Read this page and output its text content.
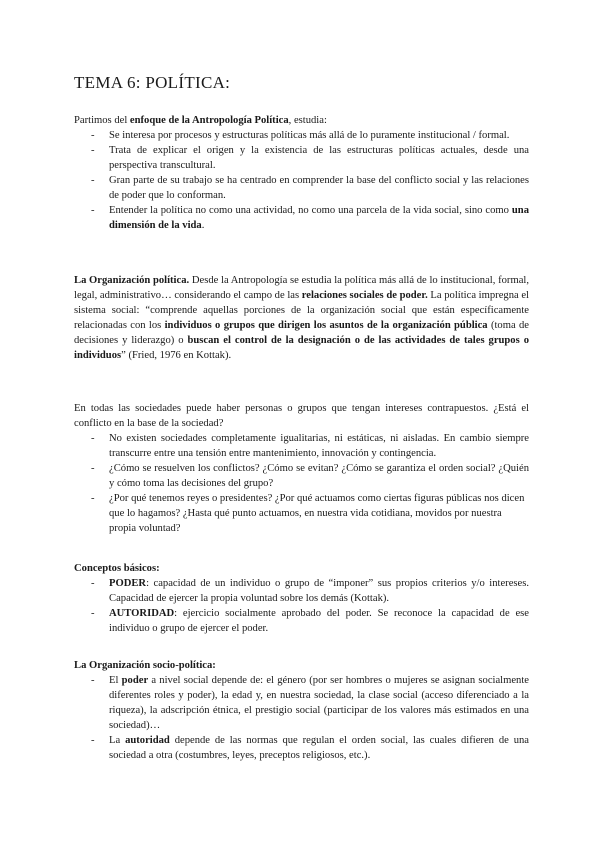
TEMA 6: POLÍTICA:

Partimos del enfoque de la Antropología Política, estudia:

- Se interesa por procesos y estructuras políticas más allá de lo puramente institucional / formal.
- Trata de explicar el origen y la existencia de las estructuras políticas actuales, desde una perspectiva transcultural.
- Gran parte de su trabajo se ha centrado en comprender la base del conflicto social y las relaciones de poder que lo conforman.
- Entender la política no como una actividad, no como una parcela de la vida social, sino como una dimensión de la vida.

La Organización política. Desde la Antropología se estudia la política más allá de lo institucional, formal, legal, administrativo… considerando el campo de las relaciones sociales de poder. La política impregna el sistema social: “comprende aquellas porciones de la organización social que están específicamente relacionadas con los individuos o grupos que dirigen los asuntos de la organización pública (toma de decisiones y liderazgo) o buscan el control de la designación o de las actividades de tales grupos o individuos” (Fried, 1976 en Kottak).

En todas las sociedades puede haber personas o grupos que tengan intereses contrapuestos. ¿Está el conflicto en la base de la sociedad?

- No existen sociedades completamente igualitarias, ni estáticas, ni aisladas. En cambio siempre transcurre entre una tensión entre mantenimiento, innovación y contingencia.
- ¿Cómo se resuelven los conflictos? ¿Cómo se evitan? ¿Cómo se garantiza el orden social? ¿Quién y cómo toma las decisiones del grupo?
- ¿Por qué tenemos reyes o presidentes? ¿Por qué actuamos como ciertas figuras públicas nos dicen que lo hagamos? ¿Hasta qué punto actuamos, en nuestra vida cotidiana, movidos por nuestra propia voluntad?

Conceptos básicos:

- PODER: capacidad de un individuo o grupo de “imponer” sus propios criterios y/o intereses. Capacidad de ejercer la propia voluntad sobre los demás (Kottak).
- AUTORIDAD: ejercicio socialmente aprobado del poder. Se reconoce la capacidad de ese individuo o grupo de ejercer el poder.

La Organización socio-política:

- El poder a nivel social depende de: el género (por ser hombres o mujeres se asignan socialmente diferentes roles y poder), la edad y, en nuestra sociedad, la clase social (acceso diferenciado a la riqueza), la adscripción étnica, el prestigio social (participar de los valores más estimados en una sociedad)…
- La autoridad depende de las normas que regulan el orden social, las cuales difieren de una sociedad a otra (costumbres, leyes, preceptos religiosos, etc.).
